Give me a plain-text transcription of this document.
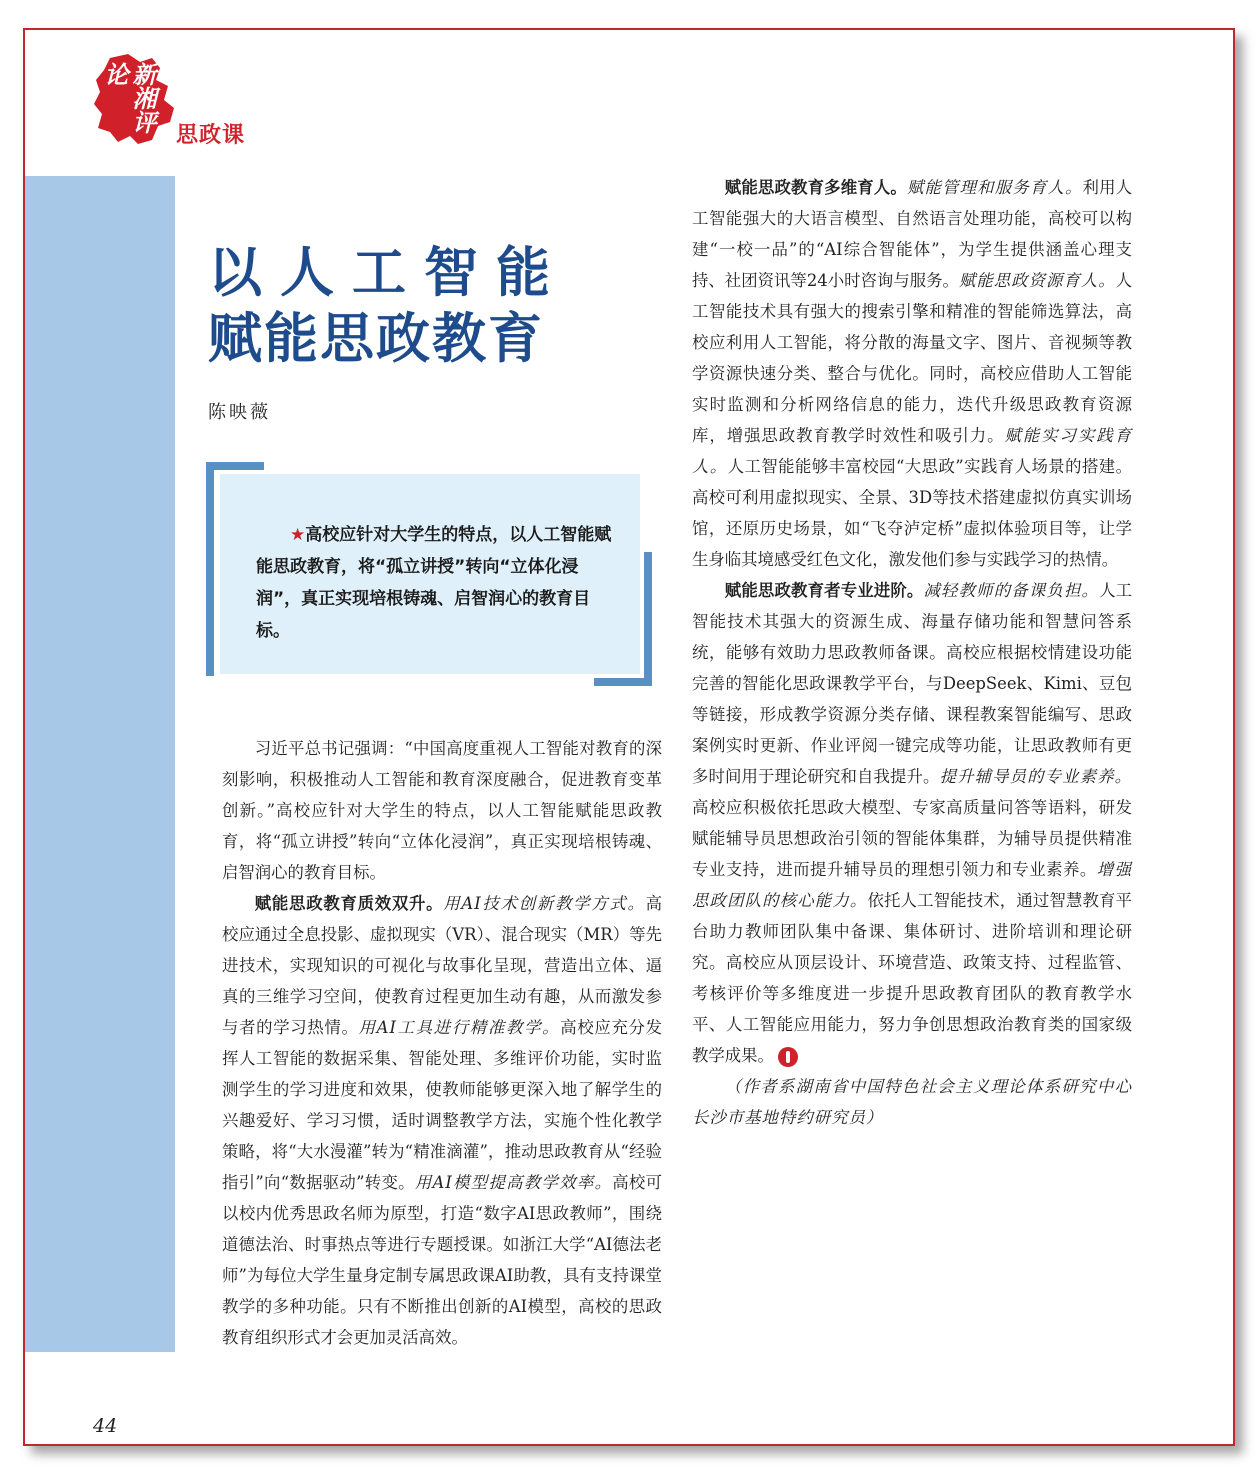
新湘评论
思政课
以人工智能
赋能思政教育
陈映薇
★高校应针对大学生的特点，以人工智能赋能思政教育，将“孤立讲授”转向“立体化浸润”，真正实现培根铸魂、启智润心的教育目标。

习近平总书记强调：“中国高度重视人工智能对教育的深刻影响，积极推动人工智能和教育深度融合，促进教育变革创新。”高校应针对大学生的特点，以人工智能赋能思政教育，将“孤立讲授”转向“立体化浸润”，真正实现培根铸魂、启智润心的教育目标。

赋能思政教育质效双升。用AI技术创新教学方式。高校应通过全息投影、虚拟现实（VR）、混合现实（MR）等先进技术，实现知识的可视化与故事化呈现，营造出立体、逼真的三维学习空间，使教育过程更加生动有趣，从而激发参与者的学习热情。用AI工具进行精准教学。高校应充分发挥人工智能的数据采集、智能处理、多维评价功能，实时监测学生的学习进度和效果，使教师能够更深入地了解学生的兴趣爱好、学习习惯，适时调整教学方法，实施个性化教学策略，将“大水漫灌”转为“精准滴灌”，推动思政教育从“经验指引”向“数据驱动”转变。用AI模型提高教学效率。高校可以校内优秀思政名师为原型，打造“数字AI思政教师”，围绕道德法治、时事热点等进行专题授课。如浙江大学“AI德法老师”为每位大学生量身定制专属思政课AI助教，具有支持课堂教学的多种功能。只有不断推出创新的AI模型，高校的思政教育组织形式才会更加灵活高效。

赋能思政教育多维育人。赋能管理和服务育人。利用人工智能强大的大语言模型、自然语言处理功能，高校可以构建“一校一品”的“AI综合智能体”，为学生提供涵盖心理支持、社团资讯等24小时咨询与服务。赋能思政资源育人。人工智能技术具有强大的搜索引擎和精准的智能筛选算法，高校应利用人工智能，将分散的海量文字、图片、音视频等教学资源快速分类、整合与优化。同时，高校应借助人工智能实时监测和分析网络信息的能力，迭代升级思政教育资源库，增强思政教育教学时效性和吸引力。赋能实习实践育人。人工智能能够丰富校园“大思政”实践育人场景的搭建。高校可利用虚拟现实、全景、3D等技术搭建虚拟仿真实训场馆，还原历史场景，如“飞夺泸定桥”虚拟体验项目等，让学生身临其境感受红色文化，激发他们参与实践学习的热情。

赋能思政教育者专业进阶。减轻教师的备课负担。人工智能技术其强大的资源生成、海量存储功能和智慧问答系统，能够有效助力思政教师备课。高校应根据校情建设功能完善的智能化思政课教学平台，与DeepSeek、Kimi、豆包等链接，形成教学资源分类存储、课程教案智能编写、思政案例实时更新、作业评阅一键完成等功能，让思政教师有更多时间用于理论研究和自我提升。提升辅导员的专业素养。高校应积极依托思政大模型、专家高质量问答等语料，研发赋能辅导员思想政治引领的智能体集群，为辅导员提供精准专业支持，进而提升辅导员的理想引领力和专业素养。增强思政团队的核心能力。依托人工智能技术，通过智慧教育平台助力教师团队集中备课、集体研讨、进阶培训和理论研究。高校应从顶层设计、环境营造、政策支持、过程监管、考核评价等多维度进一步提升思政教育团队的教育教学水平、人工智能应用能力，努力争创思想政治教育类的国家级教学成果。

（作者系湖南省中国特色社会主义理论体系研究中心长沙市基地特约研究员）

44
